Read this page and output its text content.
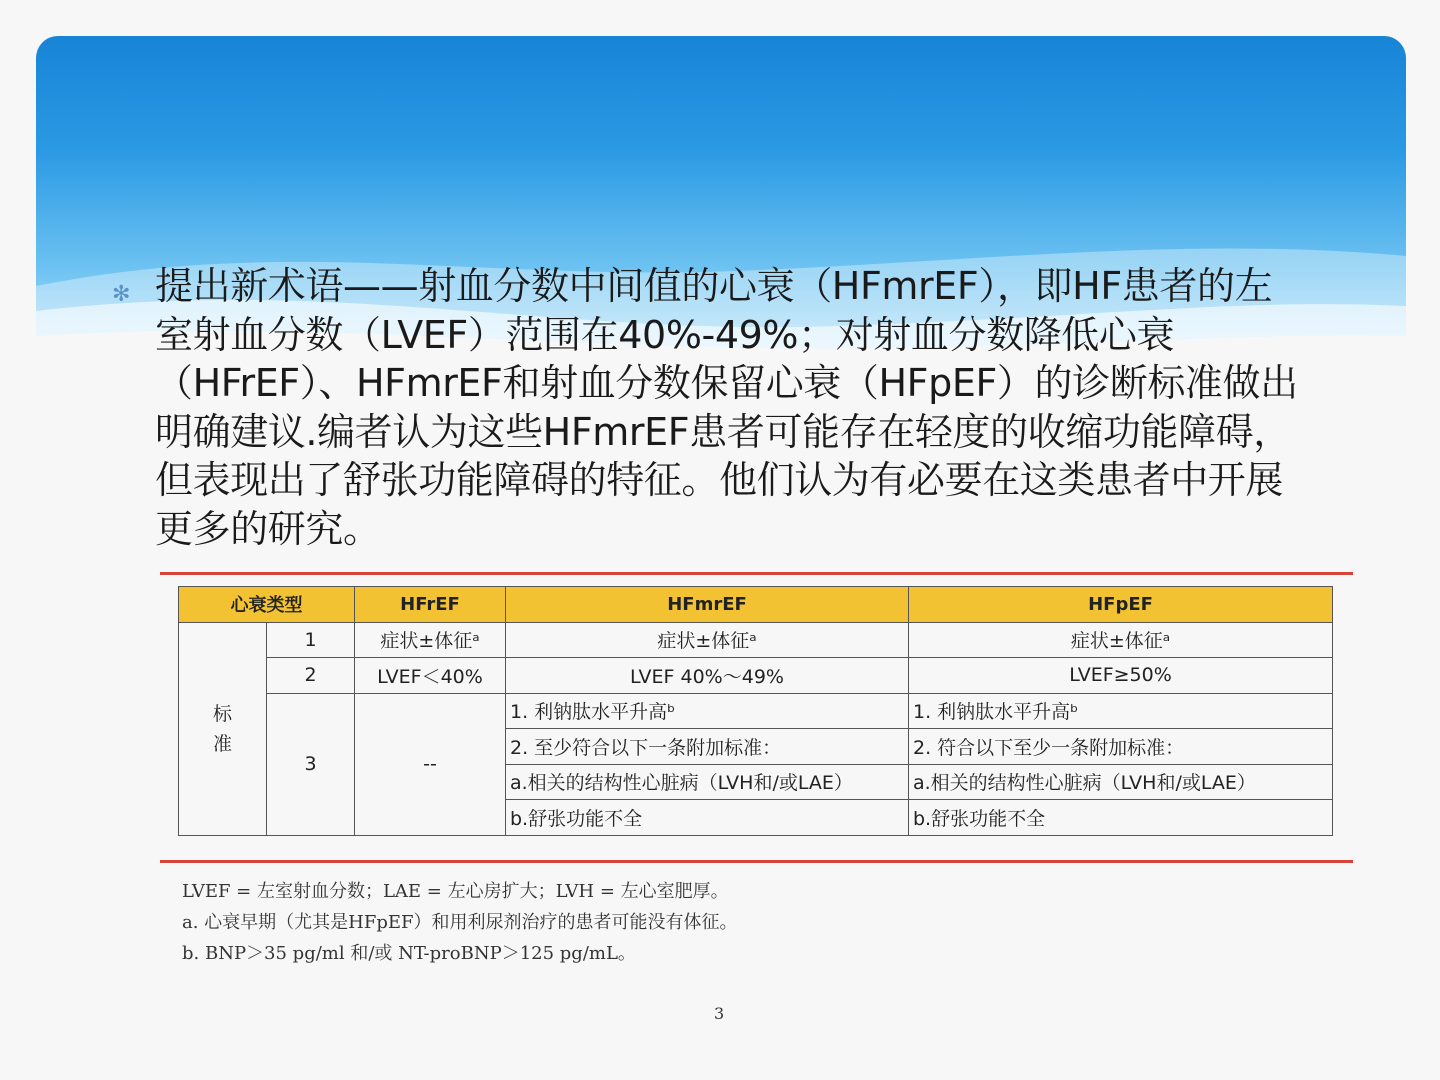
✻ 提出新术语——射血分数中间值的心衰（HFmrEF），即HF患者的左
室射血分数（LVEF）范围在40%-49%；对射血分数降低心衰
（HFrEF）、HFmrEF和射血分数保留心衰（HFpEF）的诊断标准做出
明确建议.编者认为这些HFmrEF患者可能存在轻度的收缩功能障碍，
但表现出了舒张功能障碍的特征。他们认为有必要在这类患者中开展
更多的研究。
心衰类型		HFrEF	HFmrEF	HFpEF

标
准	1	症状±体征ᵃ	症状±体征ᵃ	症状±体征ᵃ
	2	LVEF＜40%	LVEF 40%～49%	LVEF≥50%
	3	--	1. 利钠肽水平升高ᵇ	1. 利钠肽水平升高ᵇ
			2. 至少符合以下一条附加标准：	2. 符合以下至少一条附加标准：
			a.相关的结构性心脏病（LVH和/或LAE）	a.相关的结构性心脏病（LVH和/或LAE）
			b.舒张功能不全	b.舒张功能不全
LVEF = 左室射血分数；LAE = 左心房扩大；LVH = 左心室肥厚。
a. 心衰早期（尤其是HFpEF）和用利尿剂治疗的患者可能没有体征。
b. BNP＞35 pg/ml 和/或 NT-proBNP＞125 pg/mL。
3
